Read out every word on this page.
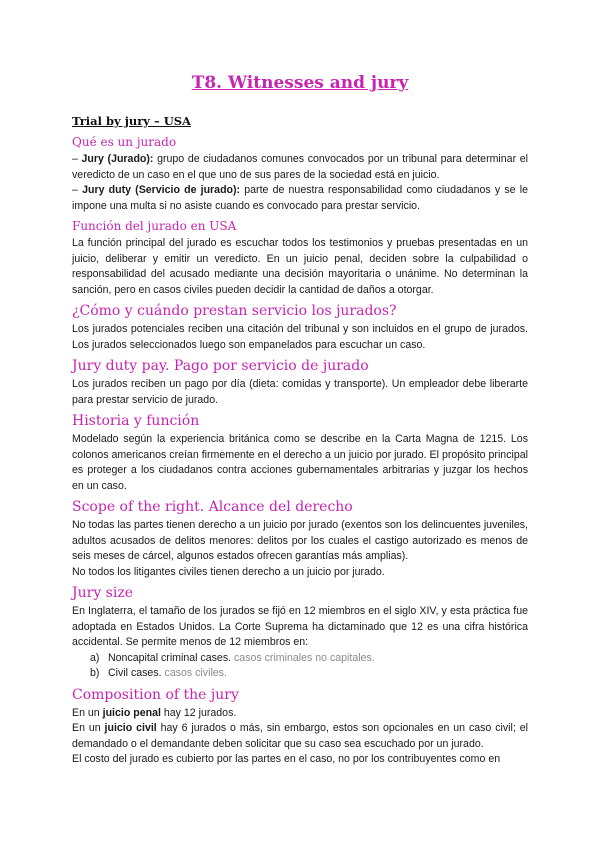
T8. Witnesses and jury
Trial by jury – USA
Qué es un jurado

– Jury (Jurado): grupo de ciudadanos comunes convocados por un tribunal para determinar el veredicto de un caso en el que uno de sus pares de la sociedad está en juicio.

– Jury duty (Servicio de jurado): parte de nuestra responsabilidad como ciudadanos y se le impone una multa si no asiste cuando es convocado para prestar servicio.

Función del jurado en USA

La función principal del jurado es escuchar todos los testimonios y pruebas presentadas en un juicio, deliberar y emitir un veredicto. En un juicio penal, deciden sobre la culpabilidad o responsabilidad del acusado mediante una decisión mayoritaria o unánime. No determinan la sanción, pero en casos civiles pueden decidir la cantidad de daños a otorgar.

¿Cómo y cuándo prestan servicio los jurados?

Los jurados potenciales reciben una citación del tribunal y son incluidos en el grupo de jurados. Los jurados seleccionados luego son empanelados para escuchar un caso.

Jury duty pay. Pago por servicio de jurado

Los jurados reciben un pago por día (dieta: comidas y transporte). Un empleador debe liberarte para prestar servicio de jurado.

Historia y función

Modelado según la experiencia británica como se describe en la Carta Magna de 1215. Los colonos americanos creían firmemente en el derecho a un juicio por jurado. El propósito principal es proteger a los ciudadanos contra acciones gubernamentales arbitrarias y juzgar los hechos en un caso.

Scope of the right. Alcance del derecho

No todas las partes tienen derecho a un juicio por jurado (exentos son los delincuentes juveniles, adultos acusados de delitos menores: delitos por los cuales el castigo autorizado es menos de seis meses de cárcel, algunos estados ofrecen garantías más amplias).

No todos los litigantes civiles tienen derecho a un juicio por jurado.

Jury size

En Inglaterra, el tamaño de los jurados se fijó en 12 miembros en el siglo XIV, y esta práctica fue adoptada en Estados Unidos. La Corte Suprema ha dictaminado que 12 es una cifra histórica accidental. Se permite menos de 12 miembros en:

a) Noncapital criminal cases. casos criminales no capitales.
b) Civil cases. casos civiles.
Composition of the jury

En un juicio penal hay 12 jurados.

En un juicio civil hay 6 jurados o más, sin embargo, estos son opcionales en un caso civil; el demandado o el demandante deben solicitar que su caso sea escuchado por un jurado.

El costo del jurado es cubierto por las partes en el caso, no por los contribuyentes como en
